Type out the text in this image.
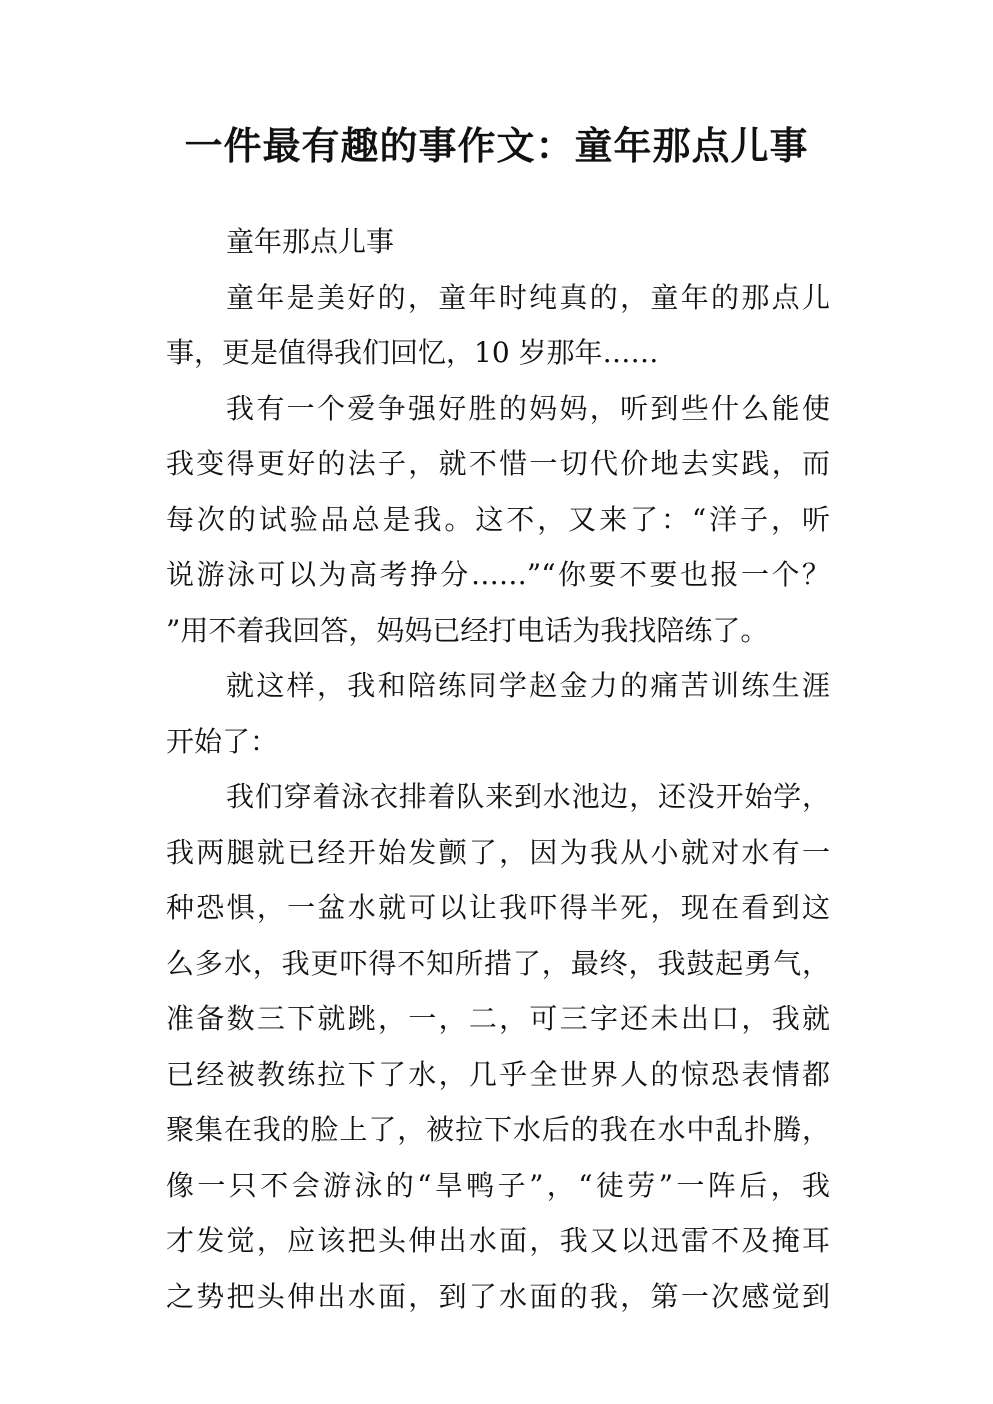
一件最有趣的事作文：童年那点儿事
童年那点儿事
童年是美好的，童年时纯真的，童年的那点儿
事，更是值得我们回忆，10 岁那年……
我有一个爱争强好胜的妈妈，听到些什么能使
我变得更好的法子，就不惜一切代价地去实践，而
每次的试验品总是我。这不，又来了：“洋子，听
说游泳可以为高考挣分……”“你要不要也报一个？
”用不着我回答，妈妈已经打电话为我找陪练了。
就这样，我和陪练同学赵金力的痛苦训练生涯
开始了：
我们穿着泳衣排着队来到水池边，还没开始学，
我两腿就已经开始发颤了，因为我从小就对水有一
种恐惧，一盆水就可以让我吓得半死，现在看到这
么多水，我更吓得不知所措了，最终，我鼓起勇气，
准备数三下就跳，一，二，可三字还未出口，我就
已经被教练拉下了水，几乎全世界人的惊恐表情都
聚集在我的脸上了，被拉下水后的我在水中乱扑腾，
像一只不会游泳的“旱鸭子”，“徒劳”一阵后，我
才发觉，应该把头伸出水面，我又以迅雷不及掩耳
之势把头伸出水面，到了水面的我，第一次感觉到
